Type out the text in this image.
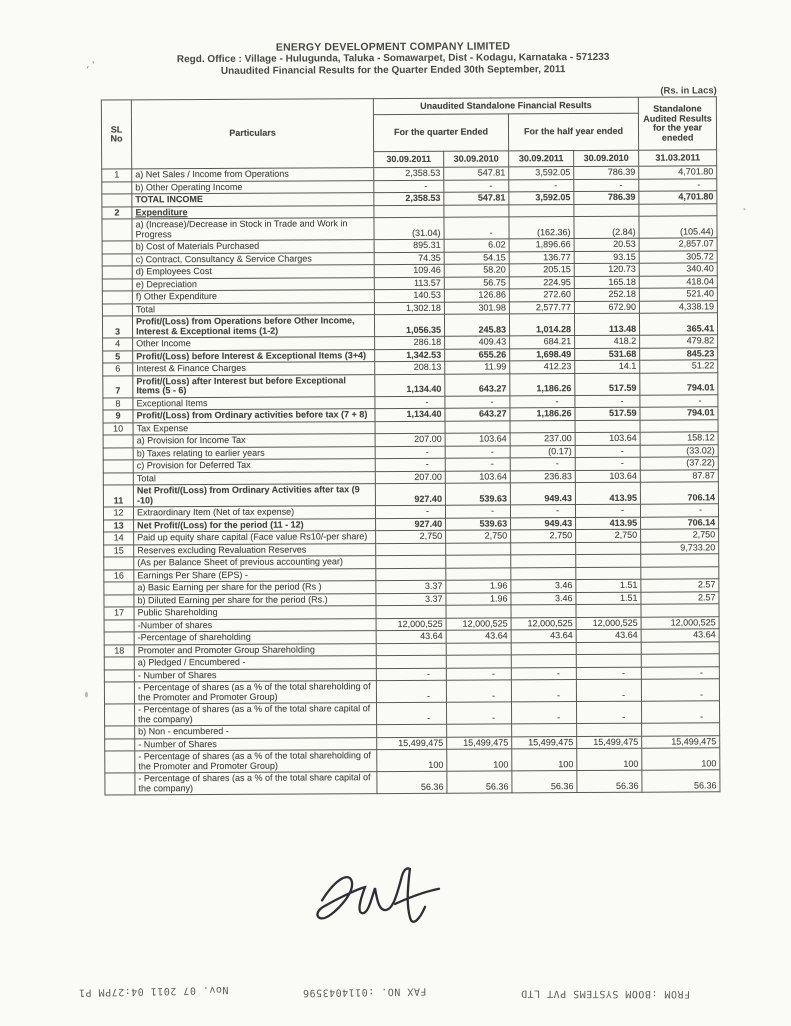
,
′
ENERGY DEVELOPMENT COMPANY LIMITED
Regd. Office : Village - Hulugunda, Taluka - Somawarpet, Dist - Kodagu, Karnataka - 571233
Unaudited Financial Results for the Quarter Ended 30th September, 2011
(Rs. in Lacs)
SL
No	Particulars	Unaudited Standalone Financial Results				Standalone Audited Results for the year eneded
		For the quarter Ended		For the half year ended		
		30.09.2011	30.09.2010	30.09.2011	30.09.2010	31.03.2011
1	a) Net Sales / Income from Operations	2,358.53	547.81	3,592.05	786.39	4,701.80
	b) Other Operating Income	-	-	-	-	-
	TOTAL INCOME	2,358.53	547.81	3,592.05	786.39	4,701.80
2	Expenditure					
	a) (Increase)/Decrease in Stock in Trade and Work in Progress	(31.04)	-	(162.36)	(2.84)	(105.44)
	b) Cost of Materials Purchased	895.31	6.02	1,896.66	20.53	2,857.07
	c) Contract, Consultancy & Service Charges	74.35	54.15	136.77	93.15	305.72
	d) Employees Cost	109.46	58.20	205.15	120.73	340.40
	e) Depreciation	113.57	56.75	224.95	165.18	418.04
	f) Other Expenditure	140.53	126.86	272.60	252.18	521.40
	Total	1,302.18	301.98	2,577.77	672.90	4,338.19
3	Profit/(Loss) from Operations before Other Income, Interest & Exceptional items (1-2)	1,056.35	245.83	1,014.28	113.48	365.41
4	Other Income	286.18	409.43	684.21	418.2	479.82
5	Profit/(Loss) before Interest & Exceptional Items (3+4)	1,342.53	655.26	1,698.49	531.68	845.23
6	Interest & Finance Charges	208.13	11.99	412.23	14.1	51.22
7	Profit/(Loss) after Interest but before Exceptional Items (5 - 6)	1,134.40	643.27	1,186.26	517.59	794.01
8	Exceptional Items	-	-	-	-	-
9	Profit/(Loss) from Ordinary activities before tax (7 + 8)	1,134.40	643.27	1,186.26	517.59	794.01
10	Tax Expense					
	a) Provision for Income Tax	207.00	103.64	237.00	103.64	158.12
	b) Taxes relating to earlier years	-	-	(0.17)	-	(33.02)
	c) Provision for Deferred Tax	-	-	-	-	(37.22)
	Total	207.00	103.64	236.83	103.64	87.87
11	Net Profit/(Loss) from Ordinary Activities after tax (9 -10)	927.40	539.63	949.43	413.95	706.14
12	Extraordinary Item (Net of tax expense)	-	-	-	-	-
13	Net Profit/(Loss) for the period (11 - 12)	927.40	539.63	949.43	413.95	706.14
14	Paid up equity share capital (Face value Rs10/-per share)	2,750	2,750	2,750	2,750	2,750
15	Reserves excluding Revaluation Reserves					9,733.20
	(As per Balance Sheet of previous accounting year)					
16	Earnings Per Share (EPS) -					
	a) Basic Earning per share for the period (Rs )	3.37	1.96	3.46	1.51	2.57
	b) Diluted Earning per share for the period (Rs.)	3.37	1.96	3.46	1.51	2.57
17	Public Shareholding					
	-Number of shares	12,000,525	12,000,525	12,000,525	12,000,525	12,000,525
	-Percentage of shareholding	43.64	43.64	43.64	43.64	43.64
18	Promoter and Promoter Group Shareholding					
	a) Pledged / Encumbered -					
	- Number of Shares	-	-	-	-	-
	- Percentage of shares (as a % of the total shareholding of the Promoter and Promoter Group)	-	-	-	-	-
	- Percentage of shares (as a % of the total share capital of the company)	-	-	-	-	-
	b) Non - encumbered -					
	- Number of Shares	15,499,475	15,499,475	15,499,475	15,499,475	15,499,475
	- Percentage of shares (as a % of the total shareholding of the Promoter and Promoter Group)	100	100	100	100	100
	- Percentage of shares (as a % of the total share capital of the company)	56.36	56.36	56.36	56.36	56.36
Nov. 07 2011 04:27PM P1	FAX NO. :0114043596	FROM :BOOM SYSTEMS PVT LTD
